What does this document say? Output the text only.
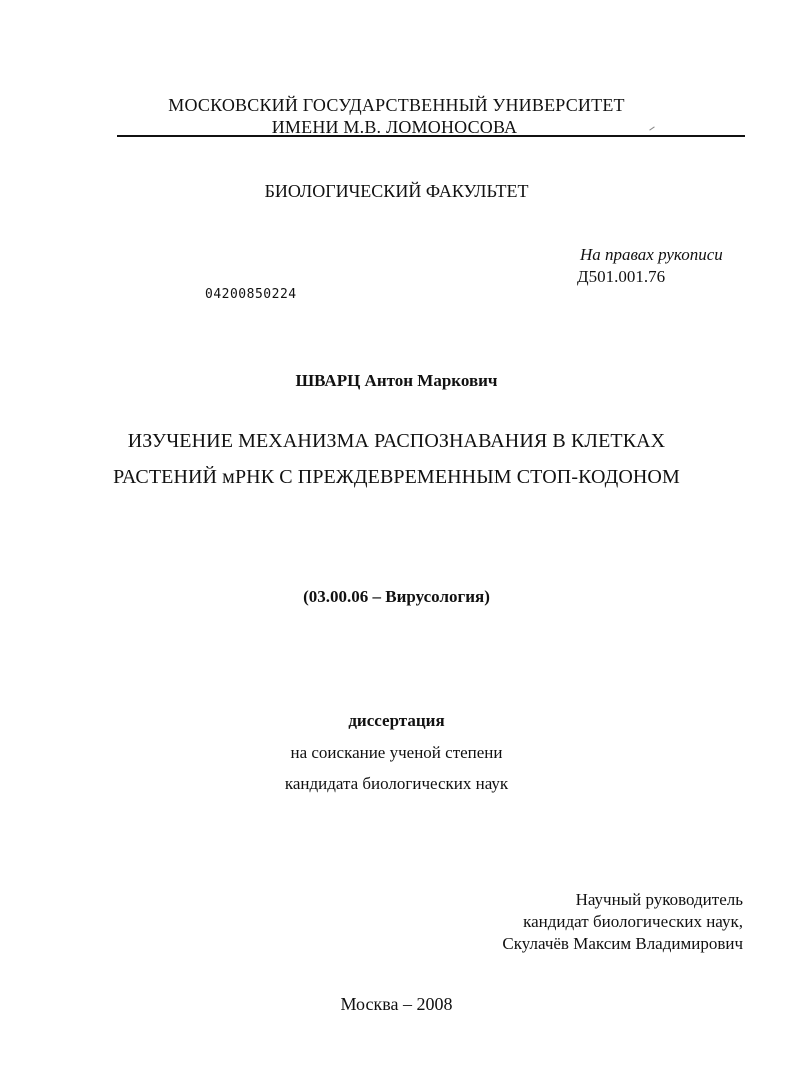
МОСКОВСКИЙ ГОСУДАРСТВЕННЫЙ УНИВЕРСИТЕТ
ИМЕНИ М.В. ЛОМОНОСОВА
БИОЛОГИЧЕСКИЙ ФАКУЛЬТЕТ
На правах рукописи
Д501.001.76
04200850224
ШВАРЦ Антон Маркович
ИЗУЧЕНИЕ МЕХАНИЗМА РАСПОЗНАВАНИЯ В КЛЕТКАХ
РАСТЕНИЙ мРНК С ПРЕЖДЕВРЕМЕННЫМ СТОП-КОДОНОМ
(03.00.06 – Вирусология)
диссертация
на соискание ученой степени
кандидата биологических наук
Научный руководитель
кандидат биологических наук,
Скулачёв Максим Владимирович
Москва – 2008
